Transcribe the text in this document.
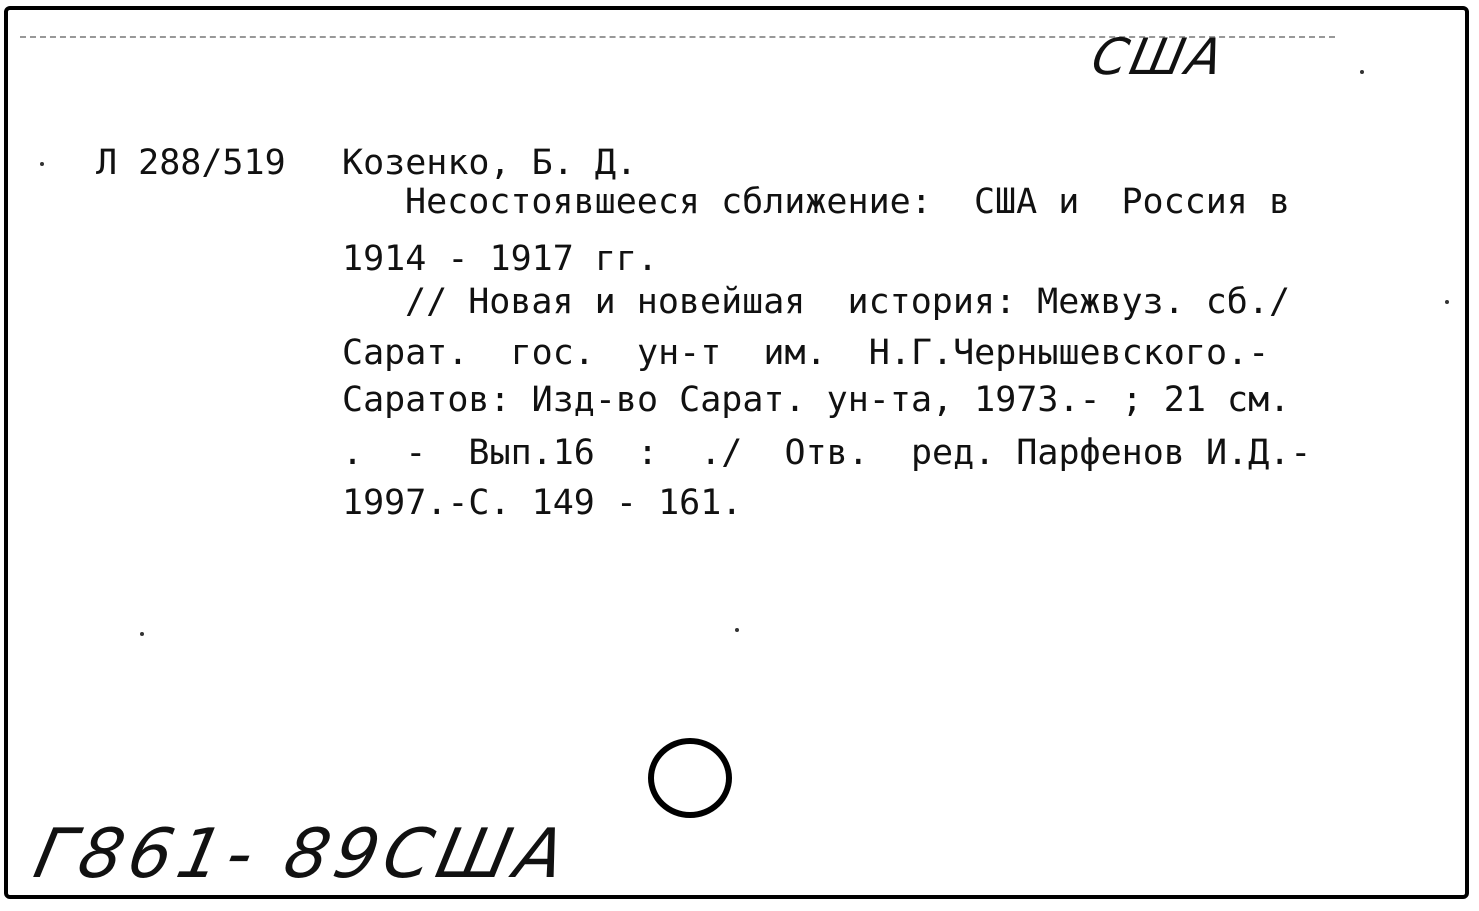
США
Л 288/519 Козенко, Б. Д.
Несостоявшееся сближение:  США и  Россия в
1914 - 1917 гг.
// Новая и новейшая  история: Межвуз. сб./
Сарат.  гос.  ун-т  им.  Н.Г.Чернышевского.-
Саратов: Изд-во Сарат. ун-та, 1973.- ; 21 см.
.  -  Вып.16  :  ./  Отв.  ред. Парфенов И.Д.-
1997.-С. 149 - 161.
Г861- 89США
